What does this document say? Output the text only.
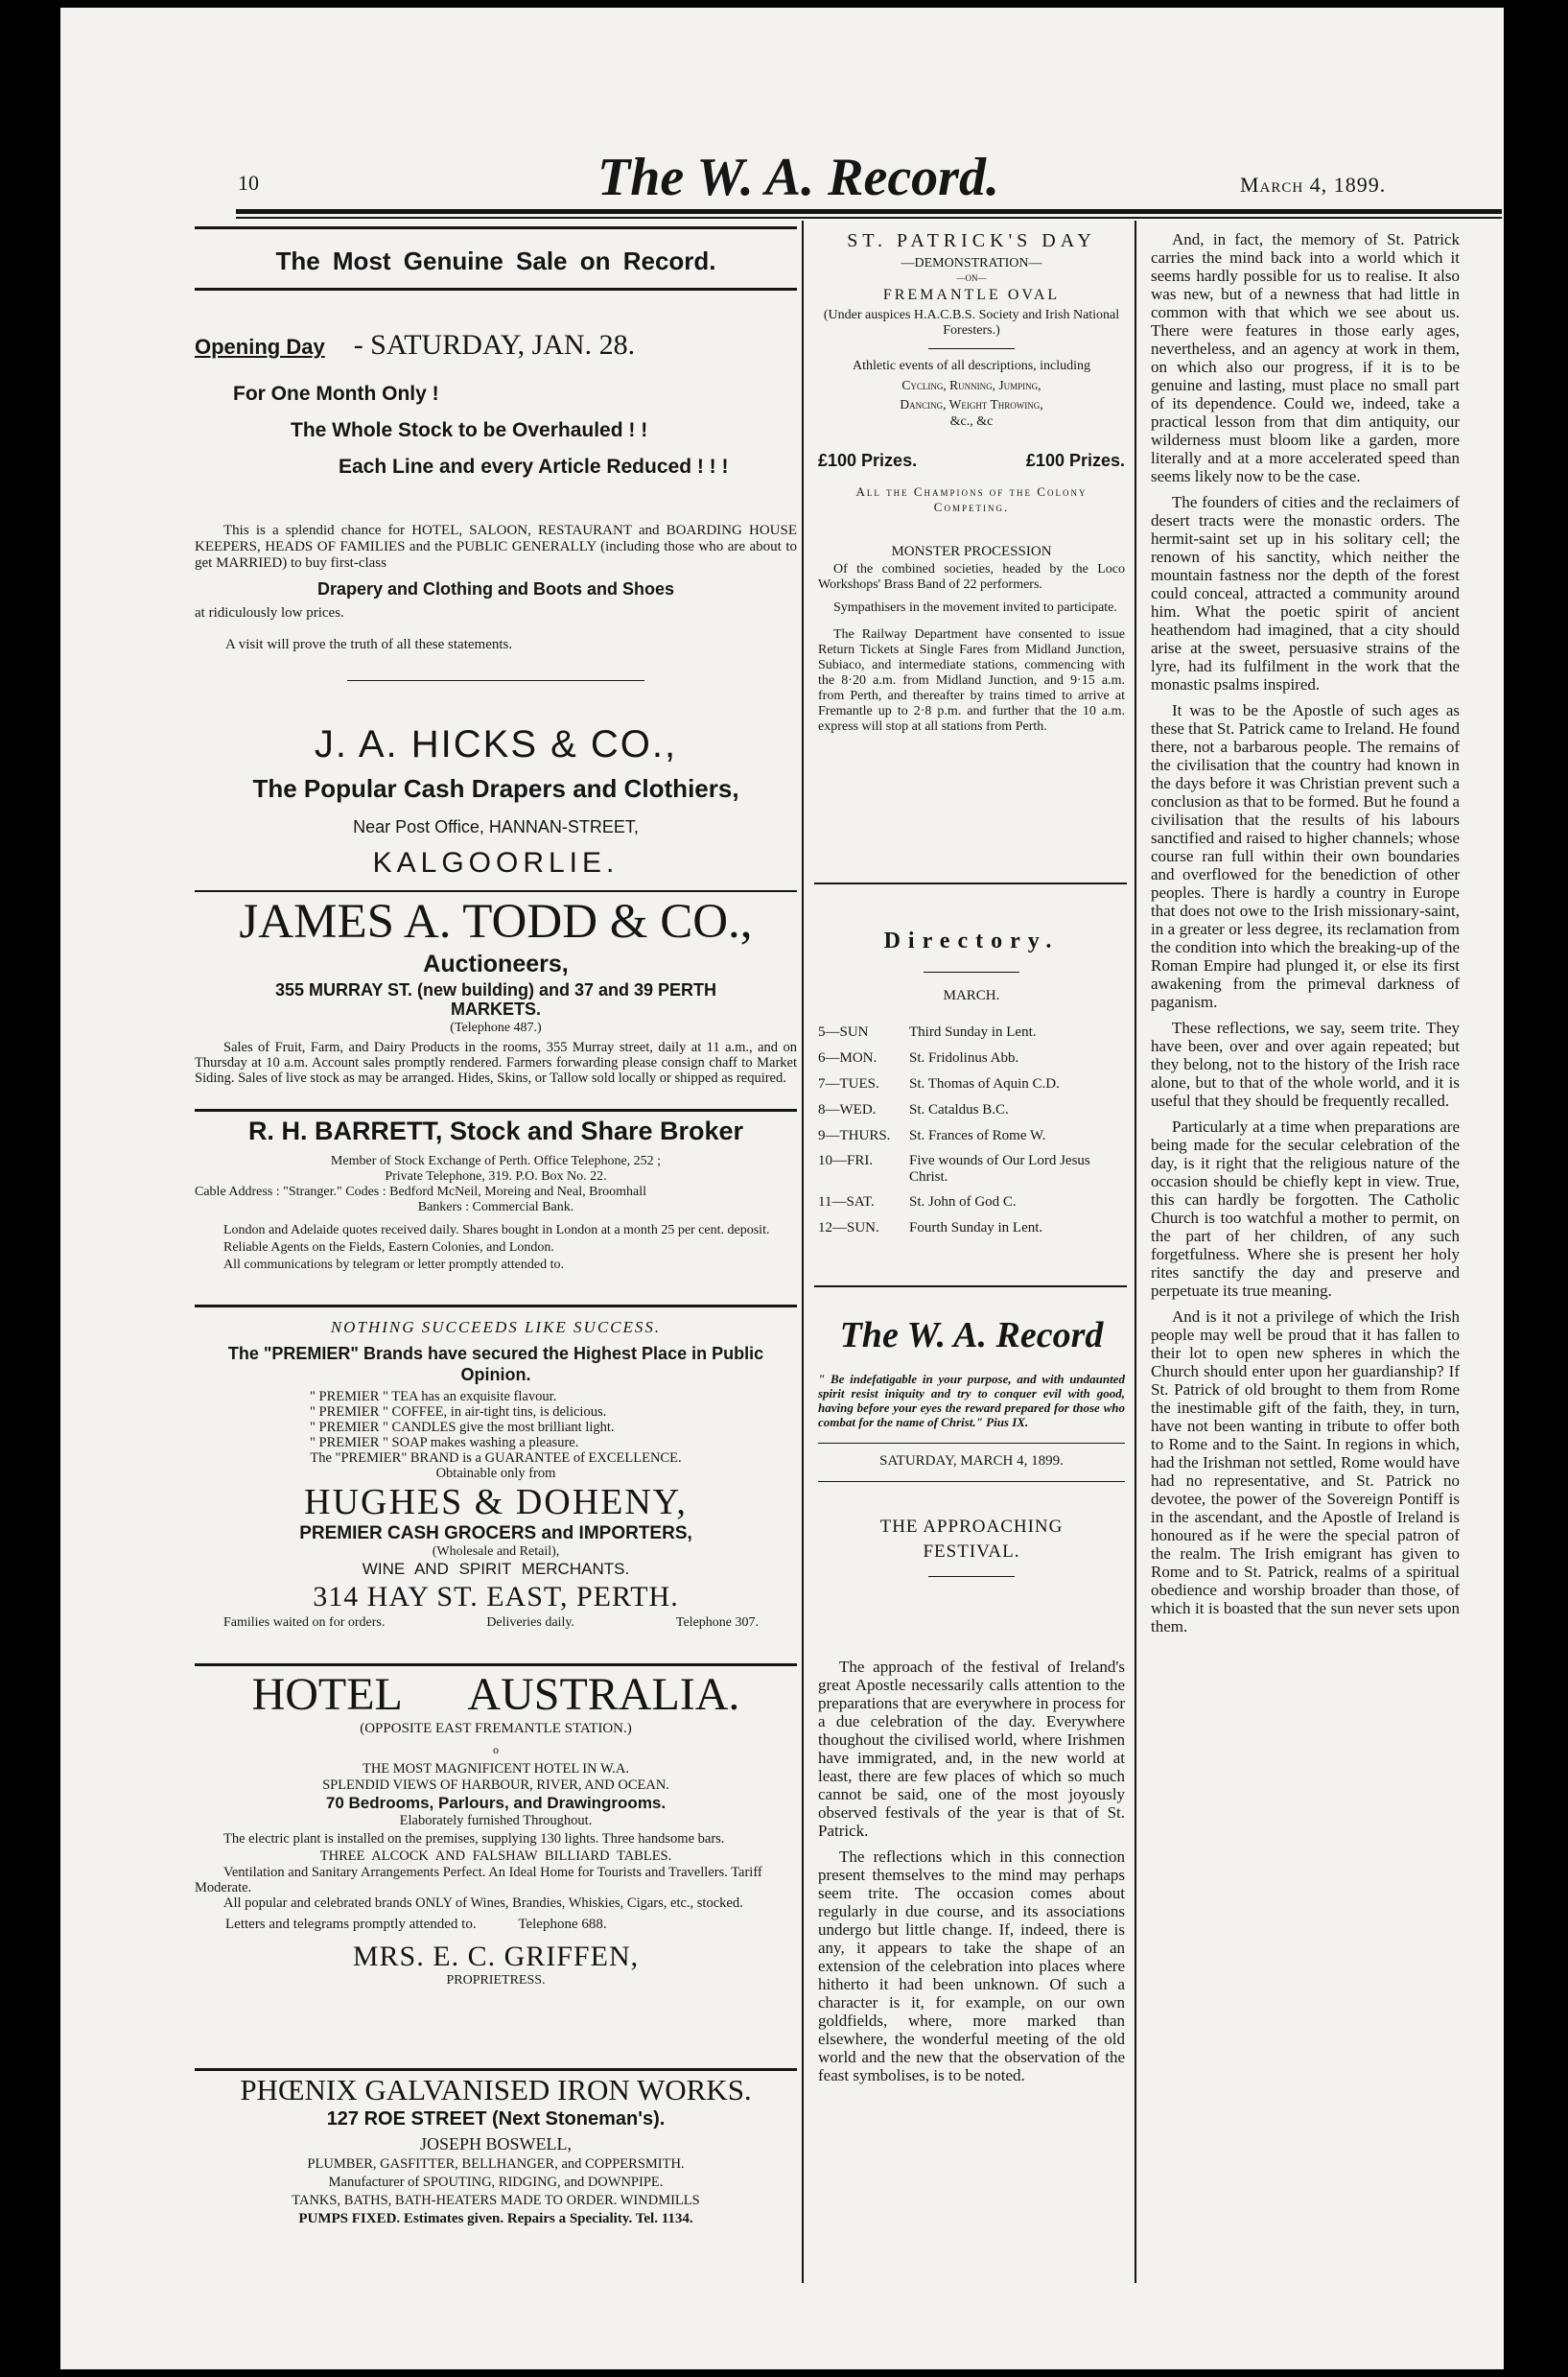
10	The W. A. Record.	March 4, 1899.
The Most Genuine Sale on Record.
Opening Day - SATURDAY, JAN. 28.
For One Month Only !
The Whole Stock to be Overhauled ! !
Each Line and every Article Reduced ! ! !
This is a splendid chance for HOTEL, SALOON, RESTAURANT and BOARDING HOUSE KEEPERS, HEADS OF FAMILIES and the PUBLIC GENERALLY (including those who are about to get MARRIED) to buy first-class
Drapery and Clothing and Boots and Shoes
at ridiculously low prices.
A visit will prove the truth of all these statements.
J. A. HICKS & CO.,
The Popular Cash Drapers and Clothiers,
Near Post Office, HANNAN-STREET,
KALGOORLIE.
JAMES A. TODD & CO.,
Auctioneers,
355 MURRAY ST. (new building) and 37 and 39 PERTH MARKETS.
(Telephone 487.)
Sales of Fruit, Farm, and Dairy Products in the rooms, 355 Murray street, daily at 11 a.m., and on Thursday at 10 a.m. Account sales promptly rendered. Farmers forwarding please consign chaff to Market Siding. Sales of live stock as may be arranged. Hides, Skins, or Tallow sold locally or shipped as required.
R. H. BARRETT, Stock and Share Broker
Member of Stock Exchange of Perth. Office Telephone, 252 ;
Private Telephone, 319. P.O. Box No. 22.
Cable Address : "Stranger." Codes : Bedford McNeil, Moreing and Neal, Broomhall
Bankers : Commercial Bank.
London and Adelaide quotes received daily. Shares bought in London at a month 25 per cent. deposit.
Reliable Agents on the Fields, Eastern Colonies, and London.
All communications by telegram or letter promptly attended to.
NOTHING SUCCEEDS LIKE SUCCESS.
The "PREMIER" Brands have secured the Highest Place in Public Opinion.
" PREMIER " TEA has an exquisite flavour.
" PREMIER " COFFEE, in air-tight tins, is delicious.
" PREMIER " CANDLES give the most brilliant light.
" PREMIER " SOAP makes washing a pleasure.
The "PREMIER" BRAND is a GUARANTEE of EXCELLENCE.
Obtainable only from
HUGHES & DOHENY,
PREMIER CASH GROCERS and IMPORTERS,
(Wholesale and Retail),
WINE AND SPIRIT MERCHANTS.
314 HAY ST. EAST, PERTH.
Families waited on for orders.	Deliveries daily.	Telephone 307.
HOTEL AUSTRALIA.
(OPPOSITE EAST FREMANTLE STATION.)
o
THE MOST MAGNIFICENT HOTEL IN W.A.
SPLENDID VIEWS OF HARBOUR, RIVER, AND OCEAN.
70 Bedrooms, Parlours, and Drawingrooms.
Elaborately furnished Throughout.
The electric plant is installed on the premises, supplying 130 lights. Three handsome bars.
THREE ALCOCK AND FALSHAW BILLIARD TABLES.
Ventilation and Sanitary Arrangements Perfect. An Ideal Home for Tourists and Travellers. Tariff Moderate.
All popular and celebrated brands ONLY of Wines, Brandies, Whiskies, Cigars, etc., stocked.
Letters and telegrams promptly attended to.	Telephone 688.
MRS. E. C. GRIFFEN,
PROPRIETRESS.
PHŒNIX GALVANISED IRON WORKS.
127 ROE STREET (Next Stoneman's).
JOSEPH BOSWELL,
PLUMBER, GASFITTER, BELLHANGER, and COPPERSMITH.
Manufacturer of SPOUTING, RIDGING, and DOWNPIPE.
TANKS, BATHS, BATH-HEATERS MADE TO ORDER. WINDMILLS
PUMPS FIXED. Estimates given. Repairs a Speciality. Tel. 1134.
ST. PATRICK'S DAY
—DEMONSTRATION—
—ON—
FREMANTLE OVAL
(Under auspices H.A.C.B.S. Society and Irish National Foresters.)
Athletic events of all descriptions, including
Cycling, Running, Jumping,
Dancing, Weight Throwing,
&c., &c
£100 Prizes.	£100 Prizes.
All the Champions of the Colony Competing.
MONSTER PROCESSION
Of the combined societies, headed by the Loco Workshops' Brass Band of 22 performers.
Sympathisers in the movement invited to participate.
The Railway Department have consented to issue Return Tickets at Single Fares from Midland Junction, Subiaco, and intermediate stations, commencing with the 8·20 a.m. from Midland Junction, and 9·15 a.m. from Perth, and thereafter by trains timed to arrive at Fremantle up to 2·8 p.m. and further that the 10 a.m. express will stop at all stations from Perth.
Directory.
MARCH.
5—SUN	Third Sunday in Lent.
6—MON.	St. Fridolinus Abb.
7—TUES.	St. Thomas of Aquin C.D.
8—WED.	St. Cataldus B.C.
9—THURS.	St. Frances of Rome W.
10—FRI.	Five wounds of Our Lord Jesus Christ.
11—SAT.	St. John of God C.
12—SUN.	Fourth Sunday in Lent.
The W. A. Record
" Be indefatigable in your purpose, and with undaunted spirit resist iniquity and try to conquer evil with good, having before your eyes the reward prepared for those who combat for the name of Christ." Pius IX.
SATURDAY, MARCH 4, 1899.
THE APPROACHING
FESTIVAL.

The approach of the festival of Ireland's great Apostle necessarily calls attention to the preparations that are everywhere in process for a due celebration of the day. Everywhere thoughout the civilised world, where Irishmen have immigrated, and, in the new world at least, there are few places of which so much cannot be said, one of the most joyously observed festivals of the year is that of St. Patrick.

The reflections which in this connection present themselves to the mind may perhaps seem trite. The occasion comes about regularly in due course, and its associations undergo but little change. If, indeed, there is any, it appears to take the shape of an extension of the celebration into places where hitherto it had been unknown. Of such a character is it, for example, on our own goldfields, where, more marked than elsewhere, the wonderful meeting of the old world and the new that the observation of the feast symbolises, is to be noted.

And, in fact, the memory of St. Patrick carries the mind back into a world which it seems hardly possible for us to realise. It also was new, but of a newness that had little in common with that which we see about us. There were features in those early ages, nevertheless, and an agency at work in them, on which also our progress, if it is to be genuine and lasting, must place no small part of its dependence. Could we, indeed, take a practical lesson from that dim antiquity, our wilderness must bloom like a garden, more literally and at a more accelerated speed than seems likely now to be the case.

The founders of cities and the reclaimers of desert tracts were the monastic orders. The hermit-saint set up in his solitary cell; the renown of his sanctity, which neither the mountain fastness nor the depth of the forest could conceal, attracted a community around him. What the poetic spirit of ancient heathendom had imagined, that a city should arise at the sweet, persuasive strains of the lyre, had its fulfilment in the work that the monastic psalms inspired.

It was to be the Apostle of such ages as these that St. Patrick came to Ireland. He found there, not a barbarous people. The remains of the civilisation that the country had known in the days before it was Christian prevent such a conclusion as that to be formed. But he found a civilisation that the results of his labours sanctified and raised to higher channels; whose course ran full within their own boundaries and overflowed for the benediction of other peoples. There is hardly a country in Europe that does not owe to the Irish missionary-saint, in a greater or less degree, its reclamation from the condition into which the breaking-up of the Roman Empire had plunged it, or else its first awakening from the primeval darkness of paganism.

These reflections, we say, seem trite. They have been, over and over again repeated; but they belong, not to the history of the Irish race alone, but to that of the whole world, and it is useful that they should be frequently recalled.

Particularly at a time when preparations are being made for the secular celebration of the day, is it right that the religious nature of the occasion should be chiefly kept in view. True, this can hardly be forgotten. The Catholic Church is too watchful a mother to permit, on the part of her children, of any such forgetfulness. Where she is present her holy rites sanctify the day and preserve and perpetuate its true meaning.

And is it not a privilege of which the Irish people may well be proud that it has fallen to their lot to open new spheres in which the Church should enter upon her guardianship? If St. Patrick of old brought to them from Rome the inestimable gift of the faith, they, in turn, have not been wanting in tribute to offer both to Rome and to the Saint. In regions in which, had the Irishman not settled, Rome would have had no representative, and St. Patrick no devotee, the power of the Sovereign Pontiff is in the ascendant, and the Apostle of Ireland is honoured as if he were the special patron of the realm. The Irish emigrant has given to Rome and to St. Patrick, realms of a spiritual obedience and worship broader than those, of which it is boasted that the sun never sets upon them.
